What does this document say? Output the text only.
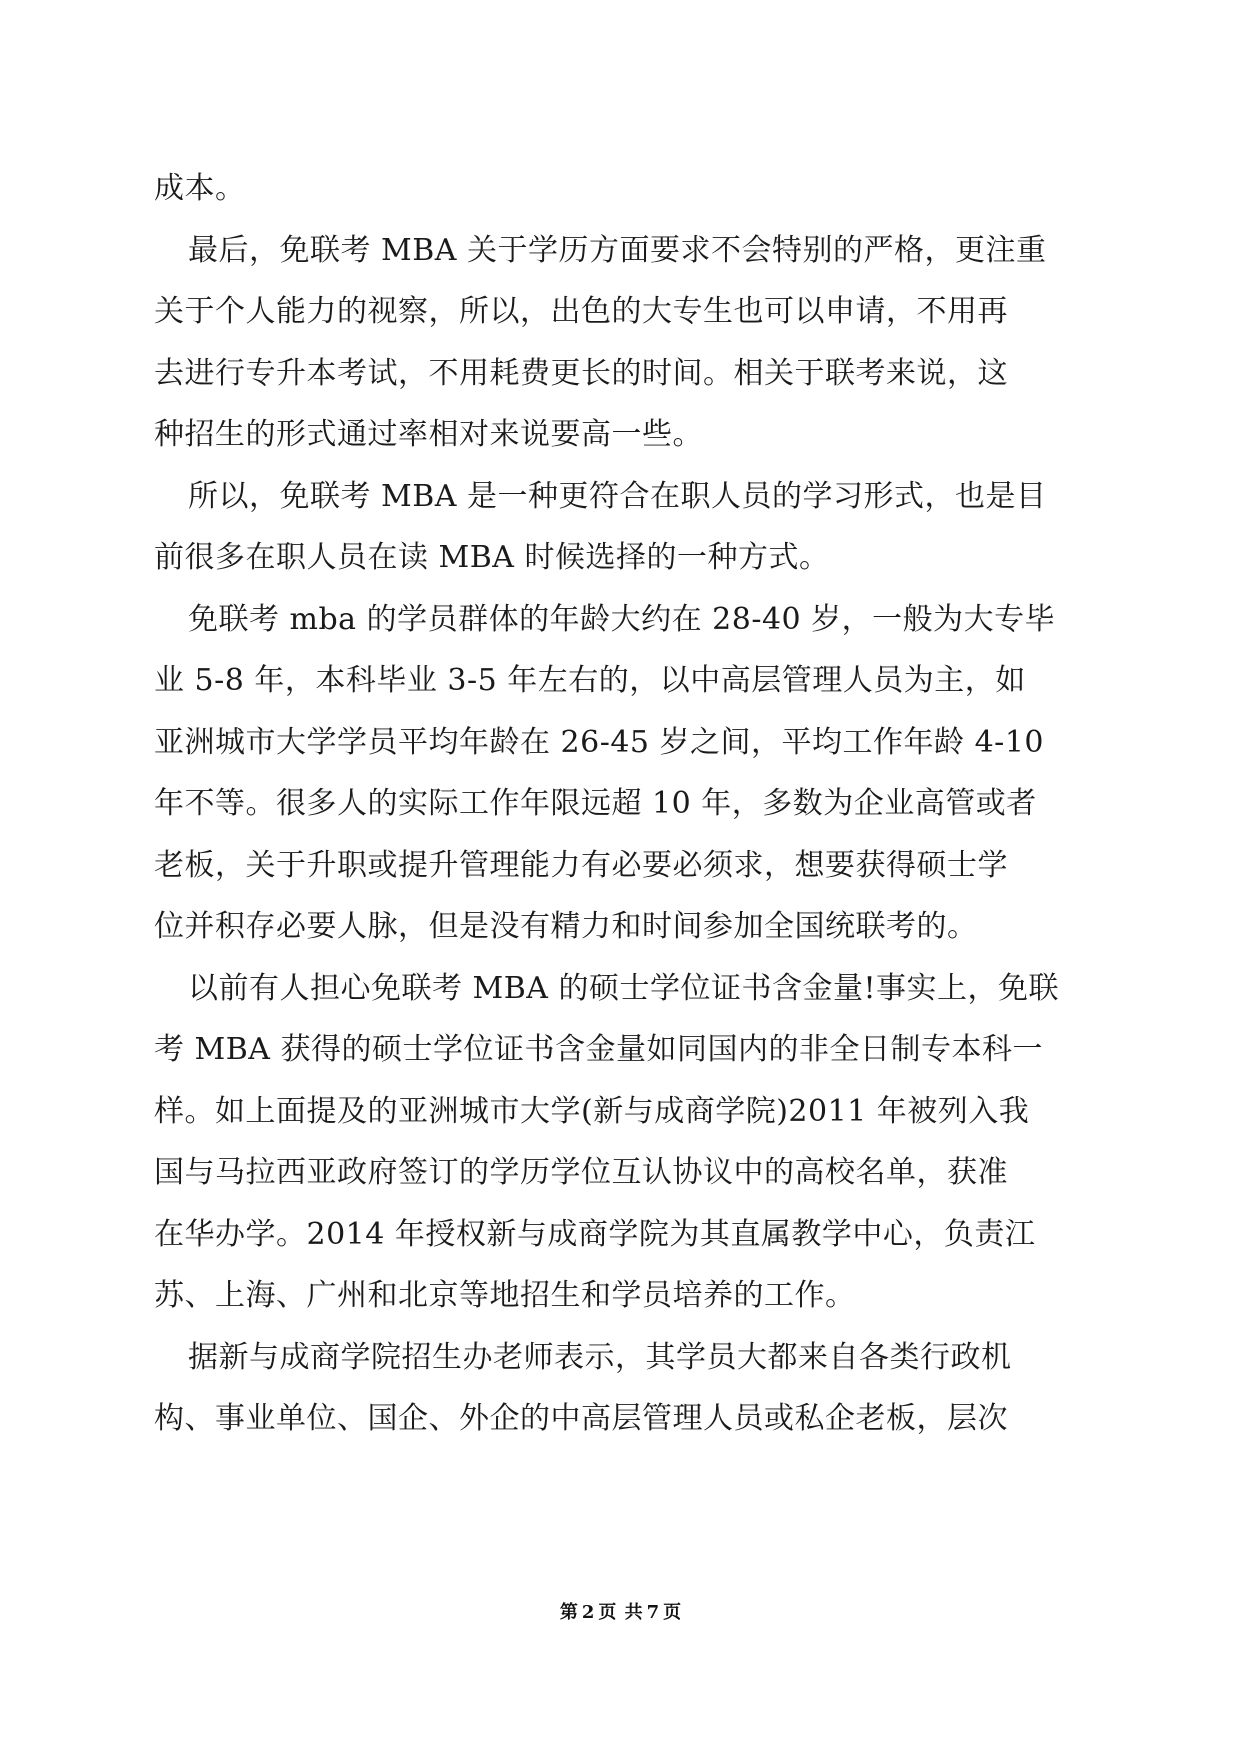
成本。
最后，免联考 MBA 关于学历方面要求不会特别的严格，更注重
关于个人能力的视察，所以，出色的大专生也可以申请，不用再
去进行专升本考试，不用耗费更长的时间。相关于联考来说，这
种招生的形式通过率相对来说要高一些。
所以，免联考 MBA 是一种更符合在职人员的学习形式，也是目
前很多在职人员在读 MBA 时候选择的一种方式。
免联考 mba 的学员群体的年龄大约在 28-40 岁，一般为大专毕
业 5-8 年，本科毕业 3-5 年左右的，以中高层管理人员为主，如
亚洲城市大学学员平均年龄在 26-45 岁之间，平均工作年龄 4-10
年不等。很多人的实际工作年限远超 10 年，多数为企业高管或者
老板，关于升职或提升管理能力有必要必须求，想要获得硕士学
位并积存必要人脉，但是没有精力和时间参加全国统联考的。
以前有人担心免联考 MBA 的硕士学位证书含金量!事实上，免联
考 MBA 获得的硕士学位证书含金量如同国内的非全日制专本科一
样。如上面提及的亚洲城市大学(新与成商学院)2011 年被列入我
国与马拉西亚政府签订的学历学位互认协议中的高校名单，获准
在华办学。2014 年授权新与成商学院为其直属教学中心，负责江
苏、上海、广州和北京等地招生和学员培养的工作。
据新与成商学院招生办老师表示，其学员大都来自各类行政机
构、事业单位、国企、外企的中高层管理人员或私企老板，层次
第 2 页 共 7 页
